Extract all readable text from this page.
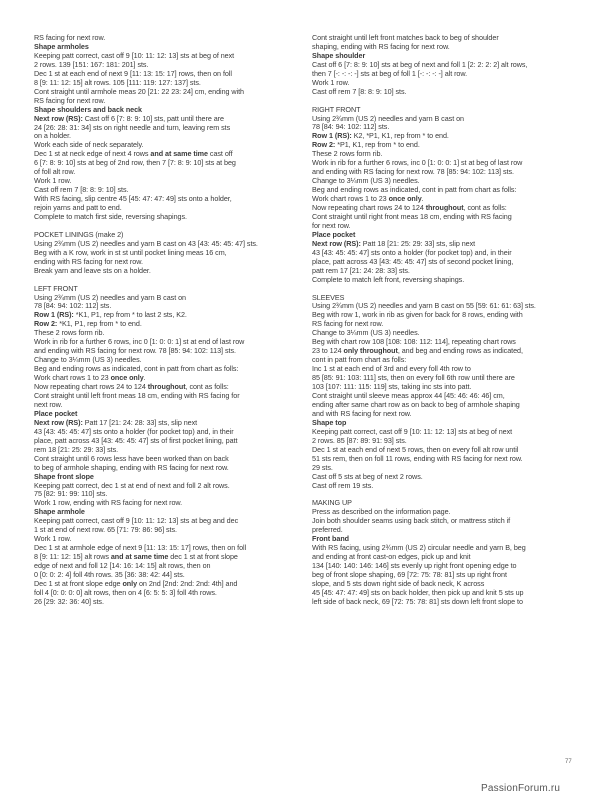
RS facing for next row.

Shape armholes

Keeping patt correct, cast off 9 [10: 11: 12: 13] sts at beg of next

2 rows. 139 [151: 167: 181: 201] sts.

Dec 1 st at each end of next 9 [11: 13: 15: 17] rows, then on foll

8 [9: 11: 12: 15] alt rows. 105 [111: 119: 127: 137] sts.

Cont straight until armhole meas 20 [21: 22 23: 24] cm, ending with

RS facing for next row.

Shape shoulders and back neck

Next row (RS): Cast off 6 [7: 8: 9: 10] sts, patt until there are

24 [26: 28: 31: 34] sts on right needle and turn, leaving rem sts

on a holder.

Work each side of neck separately.

Dec 1 st at neck edge of next 4 rows and at same time cast off

6 [7: 8: 9: 10] sts at beg of 2nd row, then 7 [7: 8: 9: 10] sts at beg

of foll alt row.

Work 1 row.

Cast off rem 7 [8: 8: 9: 10] sts.

With RS facing, slip centre 45 [45: 47: 47: 49] sts onto a holder,

rejoin yarns and patt to end.

Complete to match first side, reversing shapings.

POCKET LININGS (make 2)

Using 2¾mm (US 2) needles and yarn B cast on 43 [43: 45: 45: 47] sts.

Beg with a K row, work in st st until pocket lining meas 16 cm,

ending with RS facing for next row.

Break yarn and leave sts on a holder.

LEFT FRONT

Using 2¾mm (US 2) needles and yarn B cast on

78 [84: 94: 102: 112] sts.

Row 1 (RS): *K1, P1, rep from * to last 2 sts, K2.

Row 2: *K1, P1, rep from * to end.

These 2 rows form rib.

Work in rib for a further 6 rows, inc 0 [1: 0: 0: 1] st at end of last row

and ending with RS facing for next row. 78 [85: 94: 102: 113] sts.

Change to 3¼mm (US 3) needles.

Beg and ending rows as indicated, cont in patt from chart as folls:

Work chart rows 1 to 23 once only.

Now repeating chart rows 24 to 124 throughout, cont as folls:

Cont straight until left front meas 18 cm, ending with RS facing for

next row.

Place pocket

Next row (RS): Patt 17 [21: 24: 28: 33] sts, slip next

43 [43: 45: 45: 47] sts onto a holder (for pocket top) and, in their

place, patt across 43 [43: 45: 45: 47] sts of first pocket lining, patt

rem 18 [21: 25: 29: 33] sts.

Cont straight until 6 rows less have been worked than on back

to beg of armhole shaping, ending with RS facing for next row.

Shape front slope

Keeping patt correct, dec 1 st at end of next and foll 2 alt rows.

75 [82: 91: 99: 110] sts.

Work 1 row, ending with RS facing for next row.

Shape armhole

Keeping patt correct, cast off 9 [10: 11: 12: 13] sts at beg and dec

1 st at end of next row. 65 [71: 79: 86: 96] sts.

Work 1 row.

Dec 1 st at armhole edge of next 9 [11: 13: 15: 17] rows, then on foll

8 [9: 11: 12: 15] alt rows and at same time dec 1 st at front slope

edge of next and foll 12 [14: 16: 14: 15] alt rows, then on

0 [0: 0: 2: 4] foll 4th rows. 35 [36: 38: 42: 44] sts.

Dec 1 st at front slope edge only on 2nd [2nd: 2nd: 2nd: 4th] and

foll 4 [0: 0: 0: 0] alt rows, then on 4 [6: 5: 5: 3] foll 4th rows.

26 [29: 32: 36: 40] sts.

Cont straight until left front matches back to beg of shoulder

shaping, ending with RS facing for next row.

Shape shoulder

Cast off 6 [7: 8: 9: 10] sts at beg of next and foll 1 [2: 2: 2: 2] alt rows,

then 7 [-: -: -: -] sts at beg of foll 1 [-: -: -: -] alt row.

Work 1 row.

Cast off rem 7 [8: 8: 9: 10] sts.

RIGHT FRONT

Using 2¾mm (US 2) needles and yarn B cast on

78 [84: 94: 102: 112] sts.

Row 1 (RS): K2, *P1, K1, rep from * to end.

Row 2: *P1, K1, rep from * to end.

These 2 rows form rib.

Work in rib for a further 6 rows, inc 0 [1: 0: 0: 1] st at beg of last row

and ending with RS facing for next row. 78 [85: 94: 102: 113] sts.

Change to 3¼mm (US 3) needles.

Beg and ending rows as indicated, cont in patt from chart as folls:

Work chart rows 1 to 23 once only.

Now repeating chart rows 24 to 124 throughout, cont as folls:

Cont straight until right front meas 18 cm, ending with RS facing

for next row.

Place pocket

Next row (RS): Patt 18 [21: 25: 29: 33] sts, slip next

43 [43: 45: 45: 47] sts onto a holder (for pocket top) and, in their

place, patt across 43 [43: 45: 45: 47] sts of second pocket lining,

patt rem 17 [21: 24: 28: 33] sts.

Complete to match left front, reversing shapings.

SLEEVES

Using 2¾mm (US 2) needles and yarn B cast on 55 [59: 61: 61: 63] sts.

Beg with row 1, work in rib as given for back for 8 rows, ending with

RS facing for next row.

Change to 3¼mm (US 3) needles.

Beg with chart row 108 [108: 108: 112: 114], repeating chart rows

23 to 124 only throughout, and beg and ending rows as indicated,

cont in patt from chart as folls:

Inc 1 st at each end of 3rd and every foll 4th row to

85 [85: 91: 103: 111] sts, then on every foll 6th row until there are

103 [107: 111: 115: 119] sts, taking inc sts into patt.

Cont straight until sleeve meas approx 44 [45: 46: 46: 46] cm,

ending after same chart row as on back to beg of armhole shaping

and with RS facing for next row.

Shape top

Keeping patt correct, cast off 9 [10: 11: 12: 13] sts at beg of next

2 rows. 85 [87: 89: 91: 93] sts.

Dec 1 st at each end of next 5 rows, then on every foll alt row until

51 sts rem, then on foll 11 rows, ending with RS facing for next row.

29 sts.

Cast off 5 sts at beg of next 2 rows.

Cast off rem 19 sts.

MAKING UP

Press as described on the information page.

Join both shoulder seams using back stitch, or mattress stitch if

preferred.

Front band

With RS facing, using 2¾mm (US 2) circular needle and yarn B, beg

and ending at front cast-on edges, pick up and knit

134 [140: 140: 146: 146] sts evenly up right front opening edge to

beg of front slope shaping, 69 [72: 75: 78: 81] sts up right front

slope, and 5 sts down right side of back neck, K across

45 [45: 47: 47: 49] sts on back holder, then pick up and knit 5 sts up

left side of back neck, 69 [72: 75: 78: 81] sts down left front slope to

77
PassionForum.ru
